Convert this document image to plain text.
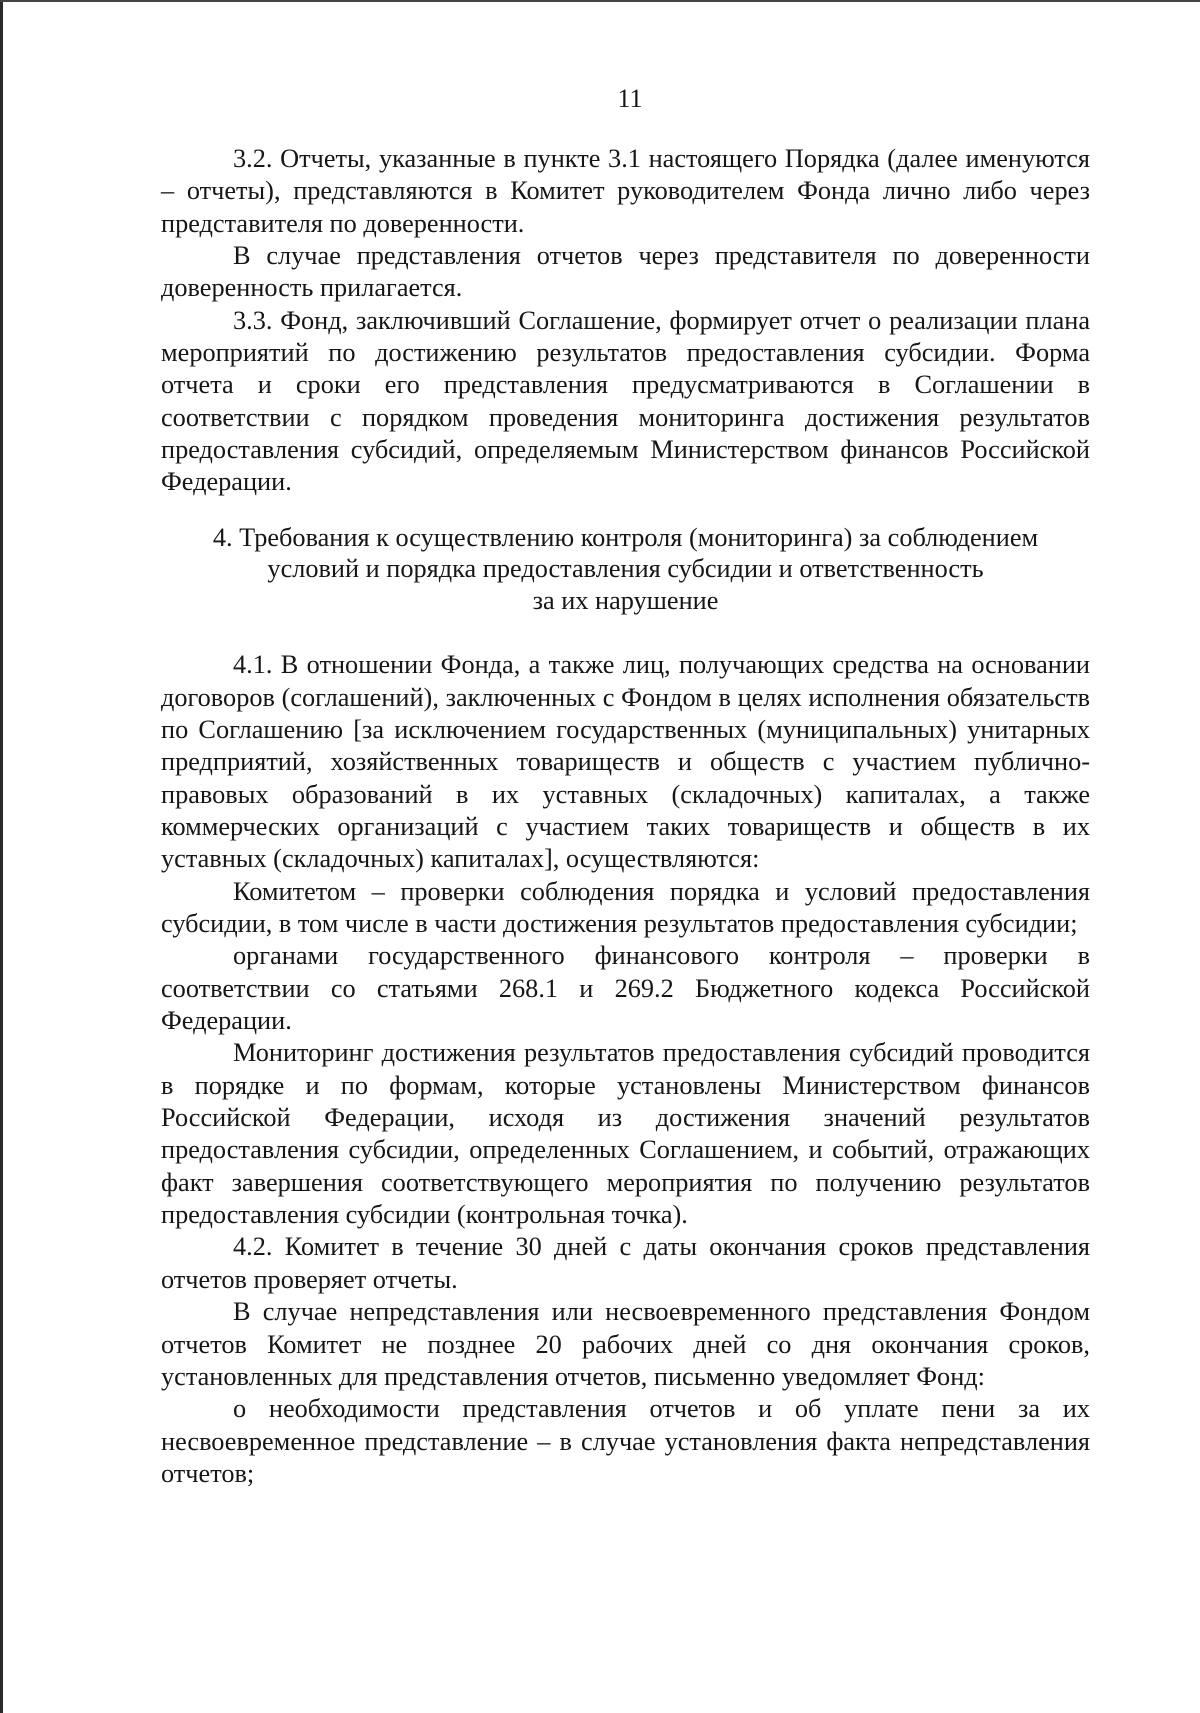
11

3.2. Отчеты, указанные в пункте 3.1 настоящего Порядка (далее именуются – отчеты), представляются в Комитет руководителем Фонда лично либо через представителя по доверенности.

В случае представления отчетов через представителя по доверенности доверенность прилагается.

3.3. Фонд, заключивший Соглашение, формирует отчет о реализации плана мероприятий по достижению результатов предоставления субсидии. Форма отчета и сроки его представления предусматриваются в Соглашении в соответствии с порядком проведения мониторинга достижения результатов предоставления субсидий, определяемым Министерством финансов Российской Федерации.

4. Требования к осуществлению контроля (мониторинга) за соблюдением
условий и порядка предоставления субсидии и ответственность
за их нарушение

4.1. В отношении Фонда, а также лиц, получающих средства на основании договоров (соглашений), заключенных с Фондом в целях исполнения обязательств по Соглашению [за исключением государственных (муниципальных) унитарных предприятий, хозяйственных товариществ и обществ с участием публично-правовых образований в их уставных (складочных) капиталах, а также коммерческих организаций с участием таких товариществ и обществ в их уставных (складочных) капиталах], осуществляются:

Комитетом – проверки соблюдения порядка и условий предоставления субсидии, в том числе в части достижения результатов предоставления субсидии;

органами государственного финансового контроля – проверки в соответствии со статьями 268.1 и 269.2 Бюджетного кодекса Российской Федерации.

Мониторинг достижения результатов предоставления субсидий проводится в порядке и по формам, которые установлены Министерством финансов Российской Федерации, исходя из достижения значений результатов предоставления субсидии, определенных Соглашением, и событий, отражающих факт завершения соответствующего мероприятия по получению результатов предоставления субсидии (контрольная точка).

4.2. Комитет в течение 30 дней с даты окончания сроков представления отчетов проверяет отчеты.

В случае непредставления или несвоевременного представления Фондом отчетов Комитет не позднее 20 рабочих дней со дня окончания сроков, установленных для представления отчетов, письменно уведомляет Фонд:

о необходимости представления отчетов и об уплате пени за их несвоевременное представление – в случае установления факта непредставления отчетов;
